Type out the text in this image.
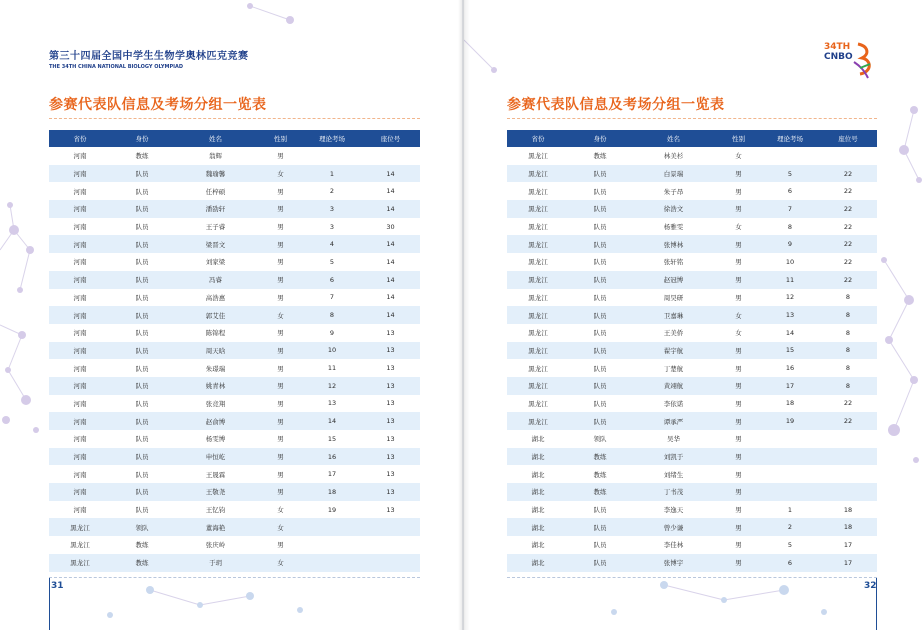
第三十四届全国中学生生物学奥林匹克竞赛
THE 34TH CHINA NATIONAL BIOLOGY OLYMPIAD
参赛代表队信息及考场分组一览表
省份	身份	姓名	性别	理论考场	座位号
河南	教练	翁辉	男		
河南	队员	魏瑜馨	女	1	14
河南	队员	任梓硕	男	2	14
河南	队员	潘劭轩	男	3	14
河南	队员	王子睿	男	3	30
河南	队员	梁晋文	男	4	14
河南	队员	刘家梁	男	5	14
河南	队员	冯睿	男	6	14
河南	队员	高浩惠	男	7	14
河南	队员	郭艾佳	女	8	14
河南	队员	陈锦程	男	9	13
河南	队员	周天晗	男	10	13
河南	队员	朱璟瑞	男	11	13
河南	队员	姚青林	男	12	13
河南	队员	张竞翔	男	13	13
河南	队员	赵俞博	男	14	13
河南	队员	杨雯博	男	15	13
河南	队员	申恒屹	男	16	13
河南	队员	王晟霖	男	17	13
河南	队员	王敬尧	男	18	13
河南	队员	王钇钧	女	19	13
黑龙江	领队	董海艳	女		
黑龙江	教练	张庆岭	男		
黑龙江	教练	于玥	女		
31
34TH
CNBO
参赛代表队信息及考场分组一览表
省份	身份	姓名	性别	理论考场	座位号
黑龙江	教练	林美杉	女		
黑龙江	队员	白景瑞	男	5	22
黑龙江	队员	朱子昂	男	6	22
黑龙江	队员	徐浩文	男	7	22
黑龙江	队员	杨雅雯	女	8	22
黑龙江	队员	张博林	男	9	22
黑龙江	队员	张轩铭	男	10	22
黑龙江	队员	赵冠博	男	11	22
黑龙江	队员	周昊研	男	12	8
黑龙江	队员	卫嘉琳	女	13	8
黑龙江	队员	王美侨	女	14	8
黑龙江	队员	翟宇航	男	15	8
黑龙江	队员	丁楚航	男	16	8
黑龙江	队员	黄翊航	男	17	8
黑龙江	队员	李依诺	男	18	22
黑龙江	队员	谭承严	男	19	22
湖北	领队	吴华	男		
湖北	教练	刘凯于	男		
湖北	教练	刘绪生	男		
湖北	教练	丁书茂	男		
湖北	队员	李逸天	男	1	18
湖北	队员	曾少谦	男	2	18
湖北	队员	李佳林	男	5	17
湖北	队员	张博宇	男	6	17
32
